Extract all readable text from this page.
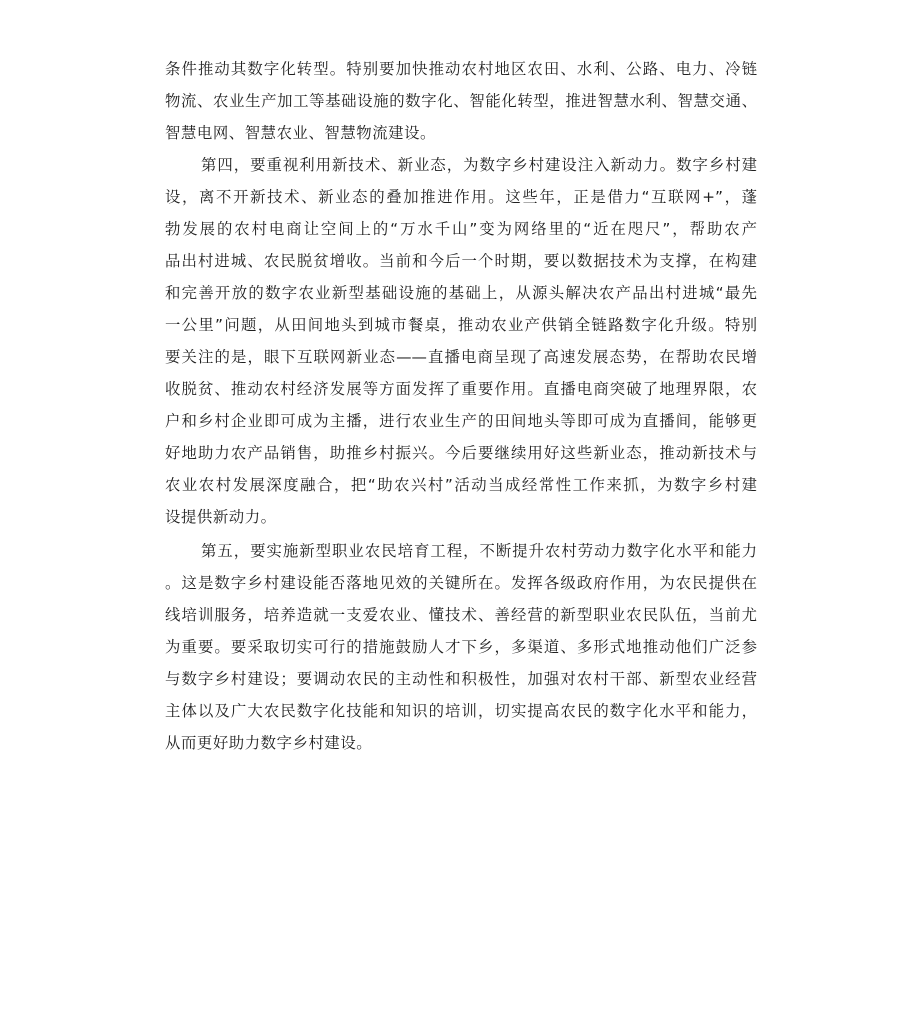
条件推动其数字化转型。特别要加快推动农村地区农田、水利、公路、电力、冷链
物流、农业生产加工等基础设施的数字化、智能化转型，推进智慧水利、智慧交通、
智慧电网、智慧农业、智慧物流建设。
第四，要重视利用新技术、新业态，为数字乡村建设注入新动力。数字乡村建
设，离不开新技术、新业态的叠加推进作用。这些年，正是借力“互联网+”，蓬
勃发展的农村电商让空间上的“万水千山”变为网络里的“近在咫尺”，帮助农产
品出村进城、农民脱贫增收。当前和今后一个时期，要以数据技术为支撑，在构建
和完善开放的数字农业新型基础设施的基础上，从源头解决农产品出村进城“最先
一公里”问题，从田间地头到城市餐桌，推动农业产供销全链路数字化升级。特别
要关注的是，眼下互联网新业态——直播电商呈现了高速发展态势，在帮助农民增
收脱贫、推动农村经济发展等方面发挥了重要作用。直播电商突破了地理界限，农
户和乡村企业即可成为主播，进行农业生产的田间地头等即可成为直播间，能够更
好地助力农产品销售，助推乡村振兴。今后要继续用好这些新业态，推动新技术与
农业农村发展深度融合，把“助农兴村”活动当成经常性工作来抓，为数字乡村建
设提供新动力。
第五，要实施新型职业农民培育工程，不断提升农村劳动力数字化水平和能力
。这是数字乡村建设能否落地见效的关键所在。发挥各级政府作用，为农民提供在
线培训服务，培养造就一支爱农业、懂技术、善经营的新型职业农民队伍，当前尤
为重要。要采取切实可行的措施鼓励人才下乡，多渠道、多形式地推动他们广泛参
与数字乡村建设；要调动农民的主动性和积极性，加强对农村干部、新型农业经营
主体以及广大农民数字化技能和知识的培训，切实提高农民的数字化水平和能力，
从而更好助力数字乡村建设。
